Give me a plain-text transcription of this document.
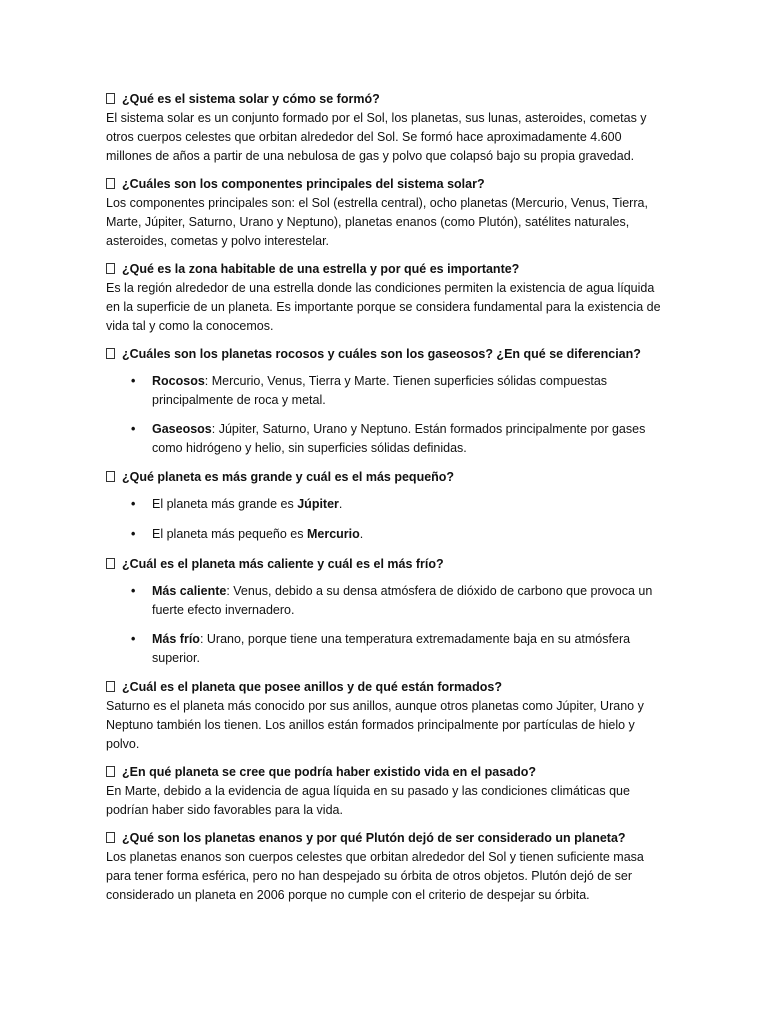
¿Qué es el sistema solar y cómo se formó?

El sistema solar es un conjunto formado por el Sol, los planetas, sus lunas, asteroides, cometas y otros cuerpos celestes que orbitan alrededor del Sol. Se formó hace aproximadamente 4.600 millones de años a partir de una nebulosa de gas y polvo que colapsó bajo su propia gravedad.

¿Cuáles son los componentes principales del sistema solar?

Los componentes principales son: el Sol (estrella central), ocho planetas (Mercurio, Venus, Tierra, Marte, Júpiter, Saturno, Urano y Neptuno), planetas enanos (como Plutón), satélites naturales, asteroides, cometas y polvo interestelar.

¿Qué es la zona habitable de una estrella y por qué es importante?

Es la región alrededor de una estrella donde las condiciones permiten la existencia de agua líquida en la superficie de un planeta. Es importante porque se considera fundamental para la existencia de vida tal y como la conocemos.

¿Cuáles son los planetas rocosos y cuáles son los gaseosos? ¿En qué se diferencian?

• Rocosos: Mercurio, Venus, Tierra y Marte. Tienen superficies sólidas compuestas principalmente de roca y metal.
• Gaseosos: Júpiter, Saturno, Urano y Neptuno. Están formados principalmente por gases como hidrógeno y helio, sin superficies sólidas definidas.

¿Qué planeta es más grande y cuál es el más pequeño?

• El planeta más grande es Júpiter.
• El planeta más pequeño es Mercurio.

¿Cuál es el planeta más caliente y cuál es el más frío?

• Más caliente: Venus, debido a su densa atmósfera de dióxido de carbono que provoca un fuerte efecto invernadero.
• Más frío: Urano, porque tiene una temperatura extremadamente baja en su atmósfera superior.

¿Cuál es el planeta que posee anillos y de qué están formados?

Saturno es el planeta más conocido por sus anillos, aunque otros planetas como Júpiter, Urano y Neptuno también los tienen. Los anillos están formados principalmente por partículas de hielo y polvo.

¿En qué planeta se cree que podría haber existido vida en el pasado?

En Marte, debido a la evidencia de agua líquida en su pasado y las condiciones climáticas que podrían haber sido favorables para la vida.

¿Qué son los planetas enanos y por qué Plutón dejó de ser considerado un planeta?

Los planetas enanos son cuerpos celestes que orbitan alrededor del Sol y tienen suficiente masa para tener forma esférica, pero no han despejado su órbita de otros objetos. Plutón dejó de ser considerado un planeta en 2006 porque no cumple con el criterio de despejar su órbita.
